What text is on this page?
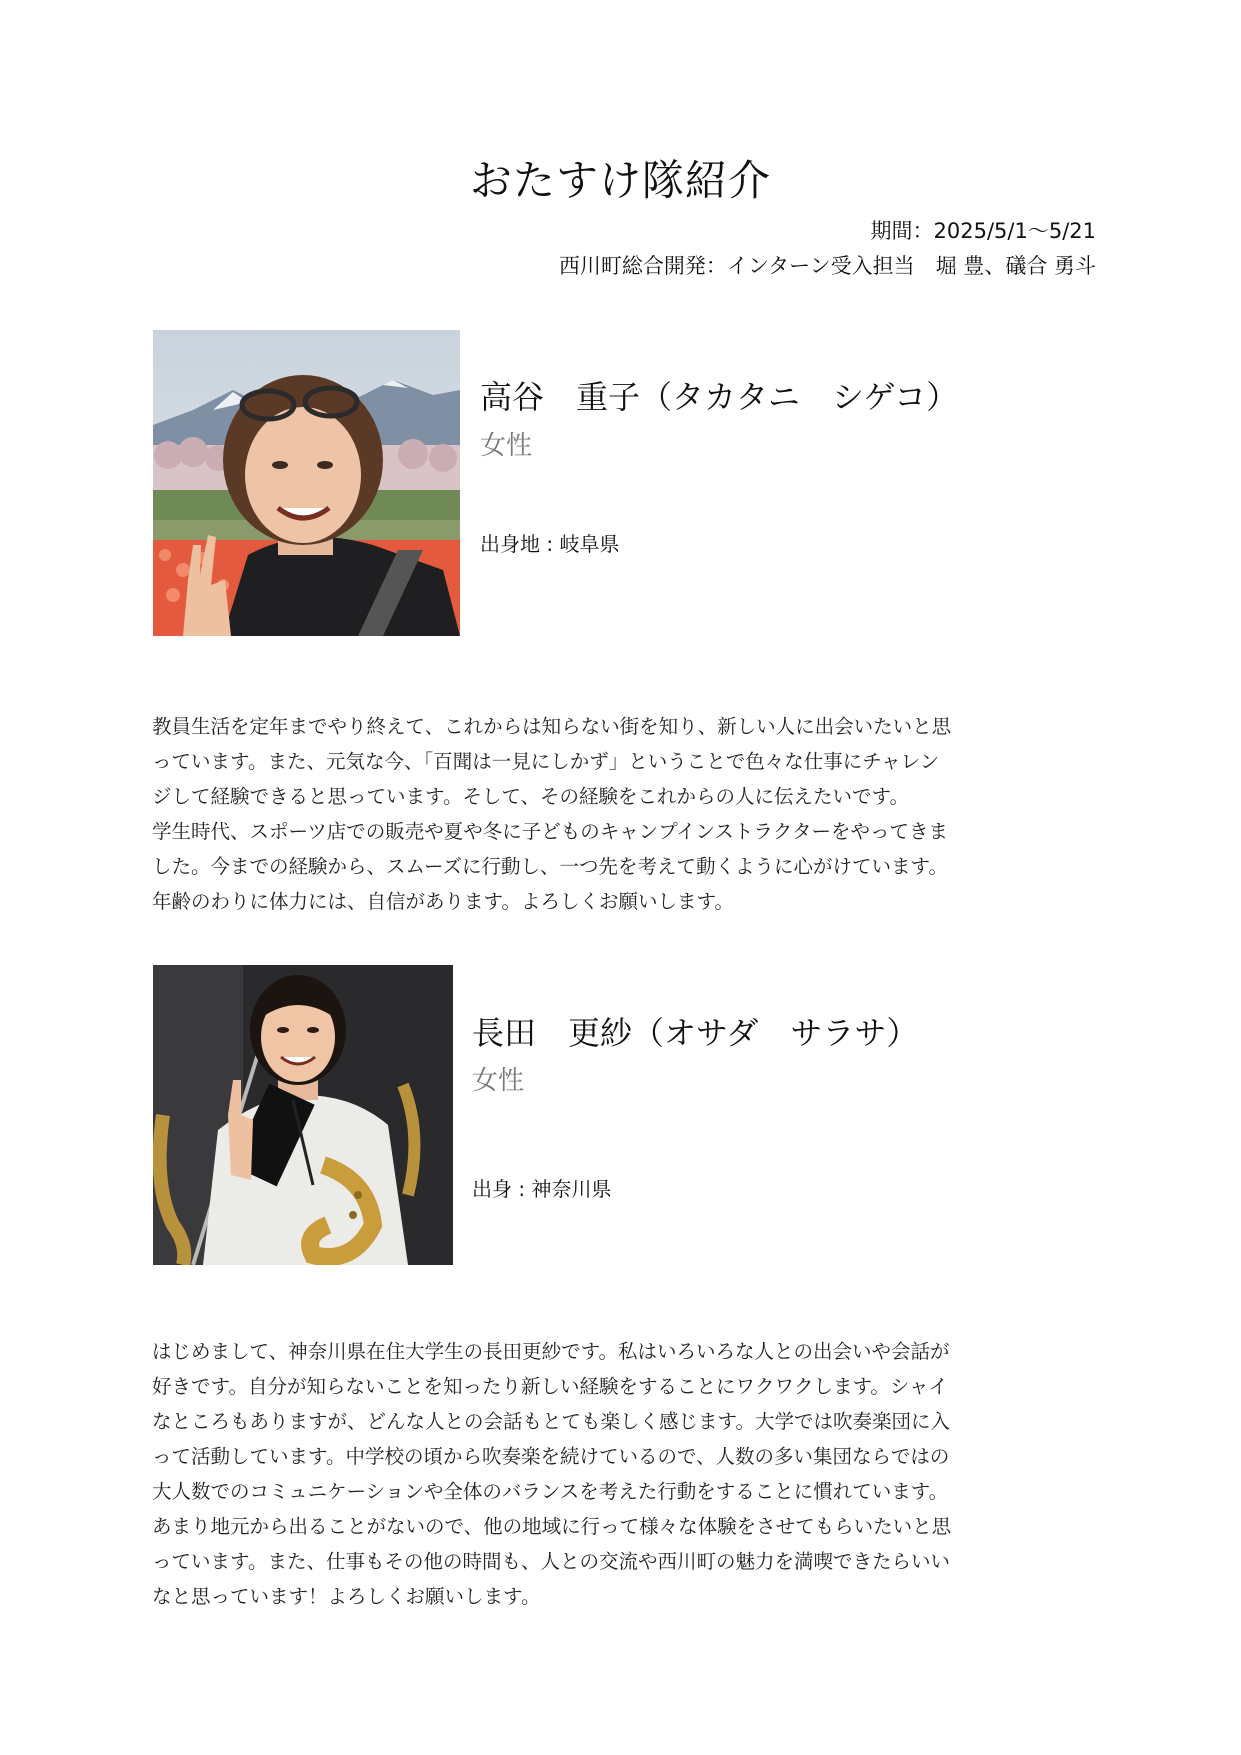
おたすけ隊紹介
期間：2025/5/1～5/21
西川町総合開発：インターン受入担当　堀 豊、礒合 勇斗
高谷　重子（タカタニ　シゲコ）
女性
出身地 : 岐阜県

教員生活を定年までやり終えて、これからは知らない街を知り、新しい人に出会いたいと思

っています。また、元気な今、「百聞は一見にしかず」ということで色々な仕事にチャレン

ジして経験できると思っています。そして、その経験をこれからの人に伝えたいです。

学生時代、スポーツ店での販売や夏や冬に子どものキャンプインストラクターをやってきま

した。今までの経験から、スムーズに行動し、一つ先を考えて動くように心がけています。

年齢のわりに体力には、自信があります。よろしくお願いします。

長田　更紗（オサダ　サラサ）
女性
出身 : 神奈川県

はじめまして、神奈川県在住大学生の長田更紗です。私はいろいろな人との出会いや会話が

好きです。自分が知らないことを知ったり新しい経験をすることにワクワクします。シャイ

なところもありますが、どんな人との会話もとても楽しく感じます。大学では吹奏楽団に入

って活動しています。中学校の頃から吹奏楽を続けているので、人数の多い集団ならではの

大人数でのコミュニケーションや全体のバランスを考えた行動をすることに慣れています。

あまり地元から出ることがないので、他の地域に行って様々な体験をさせてもらいたいと思

っています。また、仕事もその他の時間も、人との交流や西川町の魅力を満喫できたらいい

なと思っています！よろしくお願いします。
